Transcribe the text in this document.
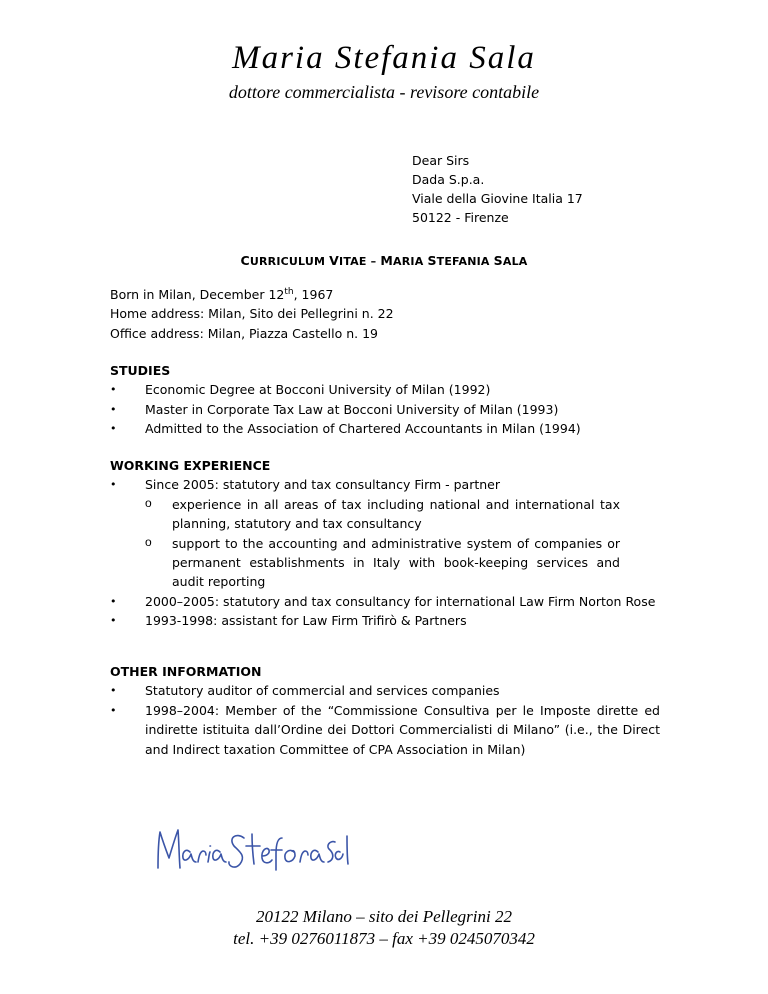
Maria Stefania Sala
dottore commercialista - revisore contabile
Dear Sirs
Dada S.p.a.
Viale della Giovine Italia 17
50122 - Firenze
CURRICULUM VITAE – MARIA STEFANIA SALA
Born in Milan, December 12th, 1967
Home address: Milan, Sito dei Pellegrini n. 22
Office address: Milan, Piazza Castello n. 19
STUDIES
• Economic Degree at Bocconi University of Milan (1992)
• Master in Corporate Tax Law at Bocconi University of Milan (1993)
• Admitted to the Association of Chartered Accountants in Milan (1994)
WORKING EXPERIENCE
• Since 2005: statutory and tax consultancy Firm - partner
o experience in all areas of tax including national and international tax planning, statutory and tax consultancy
o support to the accounting and administrative system of companies or permanent establishments in Italy with book-keeping services and audit reporting
• 2000–2005: statutory and tax consultancy for international Law Firm Norton Rose
• 1993-1998: assistant for Law Firm Trifirò & Partners
OTHER INFORMATION
• Statutory auditor of commercial and services companies
• 1998–2004: Member of the “Commissione Consultiva per le Imposte dirette ed indirette istituita dall’Ordine dei Dottori Commercialisti di Milano” (i.e., the Direct and Indirect taxation Committee of CPA Association in Milan)
20122 Milano – sito dei Pellegrini 22
tel. +39 0276011873 – fax +39 0245070342
